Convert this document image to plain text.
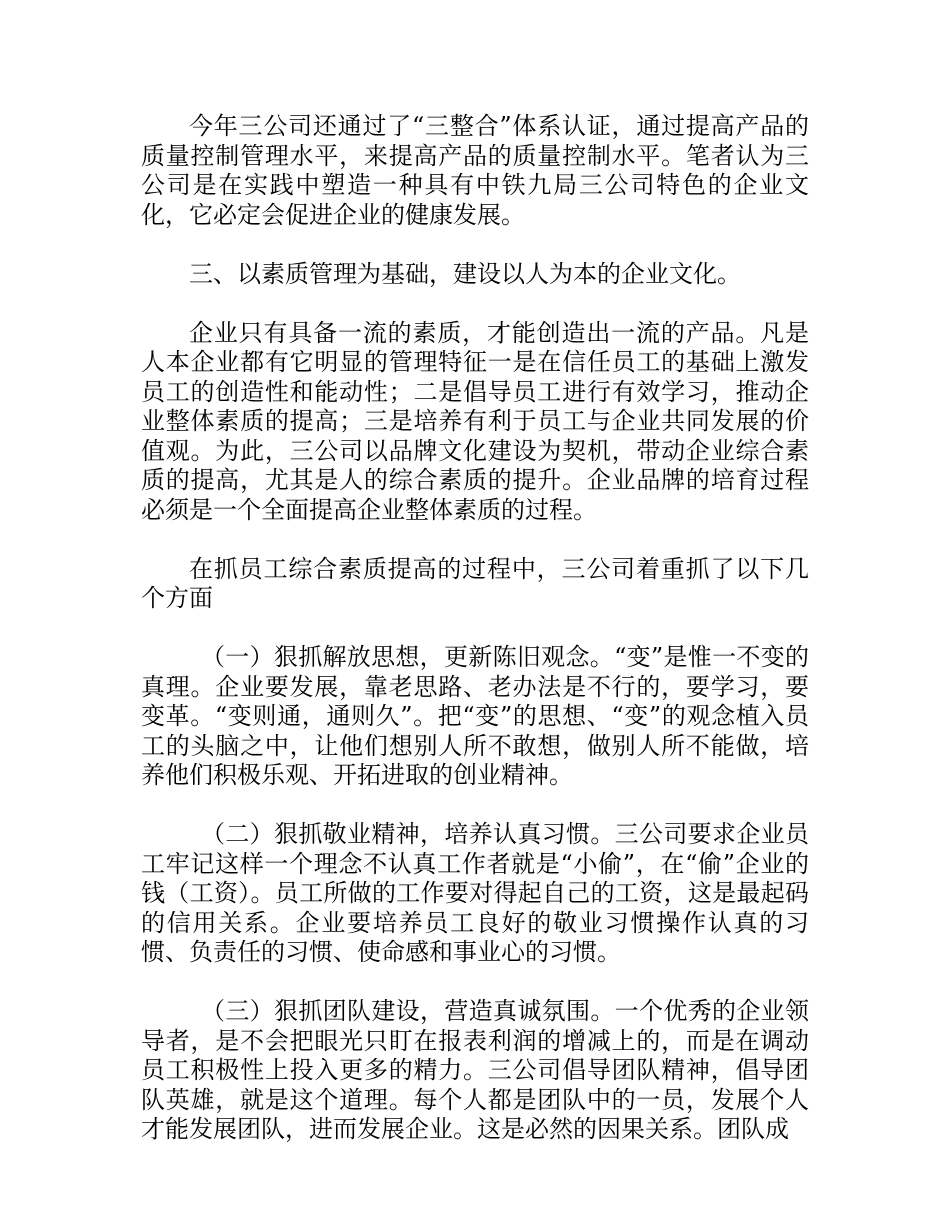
今年三公司还通过了“三整合”体系认证，通过提高产品的质量控制管理水平，来提高产品的质量控制水平。笔者认为三公司是在实践中塑造一种具有中铁九局三公司特色的企业文化，它必定会促进企业的健康发展。

三、以素质管理为基础，建设以人为本的企业文化。

企业只有具备一流的素质，才能创造出一流的产品。凡是人本企业都有它明显的管理特征一是在信任员工的基础上激发员工的创造性和能动性；二是倡导员工进行有效学习，推动企业整体素质的提高；三是培养有利于员工与企业共同发展的价值观。为此，三公司以品牌文化建设为契机，带动企业综合素质的提高，尤其是人的综合素质的提升。企业品牌的培育过程必须是一个全面提高企业整体素质的过程。

在抓员工综合素质提高的过程中，三公司着重抓了以下几个方面

（一）狠抓解放思想，更新陈旧观念。“变”是惟一不变的真理。企业要发展，靠老思路、老办法是不行的，要学习，要变革。“变则通，通则久”。把“变”的思想、“变”的观念植入员工的头脑之中，让他们想别人所不敢想，做别人所不能做，培养他们积极乐观、开拓进取的创业精神。

（二）狠抓敬业精神，培养认真习惯。三公司要求企业员工牢记这样一个理念不认真工作者就是“小偷”，在“偷”企业的钱（工资）。员工所做的工作要对得起自己的工资，这是最起码的信用关系。企业要培养员工良好的敬业习惯操作认真的习惯、负责任的习惯、使命感和事业心的习惯。

（三）狠抓团队建设，营造真诚氛围。一个优秀的企业领导者，是不会把眼光只盯在报表利润的增减上的，而是在调动员工积极性上投入更多的精力。三公司倡导团队精神，倡导团队英雄，就是这个道理。每个人都是团队中的一员，发展个人才能发展团队，进而发展企业。这是必然的因果关系。团队成
